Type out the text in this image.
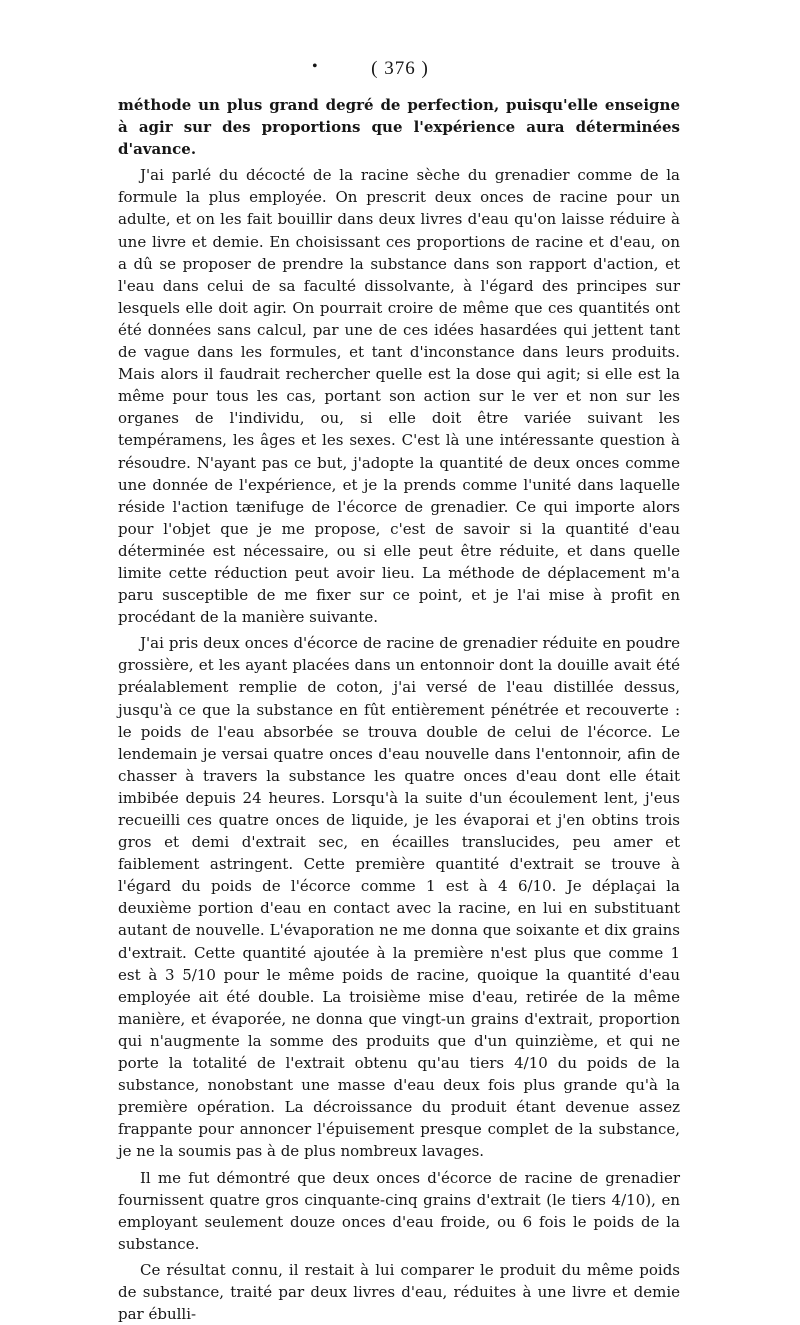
•	( 376 )

méthode un plus grand degré de perfection, puisqu'elle enseigne à agir sur des proportions que l'expérience aura déterminées d'avance.

J'ai parlé du décocté de la racine sèche du grenadier comme de la formule la plus employée. On prescrit deux onces de racine pour un adulte, et on les fait bouillir dans deux livres d'eau qu'on laisse réduire à une livre et demie. En choisissant ces proportions de racine et d'eau, on a dû se proposer de prendre la substance dans son rapport d'action, et l'eau dans celui de sa faculté dissolvante, à l'égard des principes sur lesquels elle doit agir. On pourrait croire de même que ces quantités ont été données sans calcul, par une de ces idées hasardées qui jettent tant de vague dans les formules, et tant d'inconstance dans leurs produits. Mais alors il faudrait rechercher quelle est la dose qui agit; si elle est la même pour tous les cas, portant son action sur le ver et non sur les organes de l'individu, ou, si elle doit être variée suivant les tempéramens, les âges et les sexes. C'est là une intéressante question à résoudre. N'ayant pas ce but, j'adopte la quantité de deux onces comme une donnée de l'expérience, et je la prends comme l'unité dans laquelle réside l'action tænifuge de l'écorce de grenadier. Ce qui importe alors pour l'objet que je me propose, c'est de savoir si la quantité d'eau déterminée est nécessaire, ou si elle peut être réduite, et dans quelle limite cette réduction peut avoir lieu. La méthode de déplacement m'a paru susceptible de me fixer sur ce point, et je l'ai mise à profit en procédant de la manière suivante.

J'ai pris deux onces d'écorce de racine de grenadier réduite en poudre grossière, et les ayant placées dans un entonnoir dont la douille avait été préalablement remplie de coton, j'ai versé de l'eau distillée dessus, jusqu'à ce que la substance en fût entièrement pénétrée et recouverte : le poids de l'eau absorbée se trouva double de celui de l'écorce. Le lendemain je versai quatre onces d'eau nouvelle dans l'entonnoir, afin de chasser à travers la substance les quatre onces d'eau dont elle était imbibée depuis 24 heures. Lorsqu'à la suite d'un écoulement lent, j'eus recueilli ces quatre onces de liquide, je les évaporai et j'en obtins trois gros et demi d'extrait sec, en écailles translucides, peu amer et faiblement astringent. Cette première quantité d'extrait se trouve à l'égard du poids de l'écorce comme 1 est à 4 6/10. Je déplaçai la deuxième portion d'eau en contact avec la racine, en lui en substituant autant de nouvelle. L'évaporation ne me donna que soixante et dix grains d'extrait. Cette quantité ajoutée à la première n'est plus que comme 1 est à 3 5/10 pour le même poids de racine, quoique la quantité d'eau employée ait été double. La troisième mise d'eau, retirée de la même manière, et évaporée, ne donna que vingt-un grains d'extrait, proportion qui n'augmente la somme des produits que d'un quinzième, et qui ne porte la totalité de l'extrait obtenu qu'au tiers 4/10 du poids de la substance, nonobstant une masse d'eau deux fois plus grande qu'à la première opération. La décroissance du produit étant devenue assez frappante pour annoncer l'épuisement presque complet de la substance, je ne la soumis pas à de plus nombreux lavages.

Il me fut démontré que deux onces d'écorce de racine de grenadier fournissent quatre gros cinquante-cinq grains d'extrait (le tiers 4/10), en employant seulement douze onces d'eau froide, ou 6 fois le poids de la substance.

Ce résultat connu, il restait à lui comparer le produit du même poids de substance, traité par deux livres d'eau, réduites à une livre et demie par ébulli-
